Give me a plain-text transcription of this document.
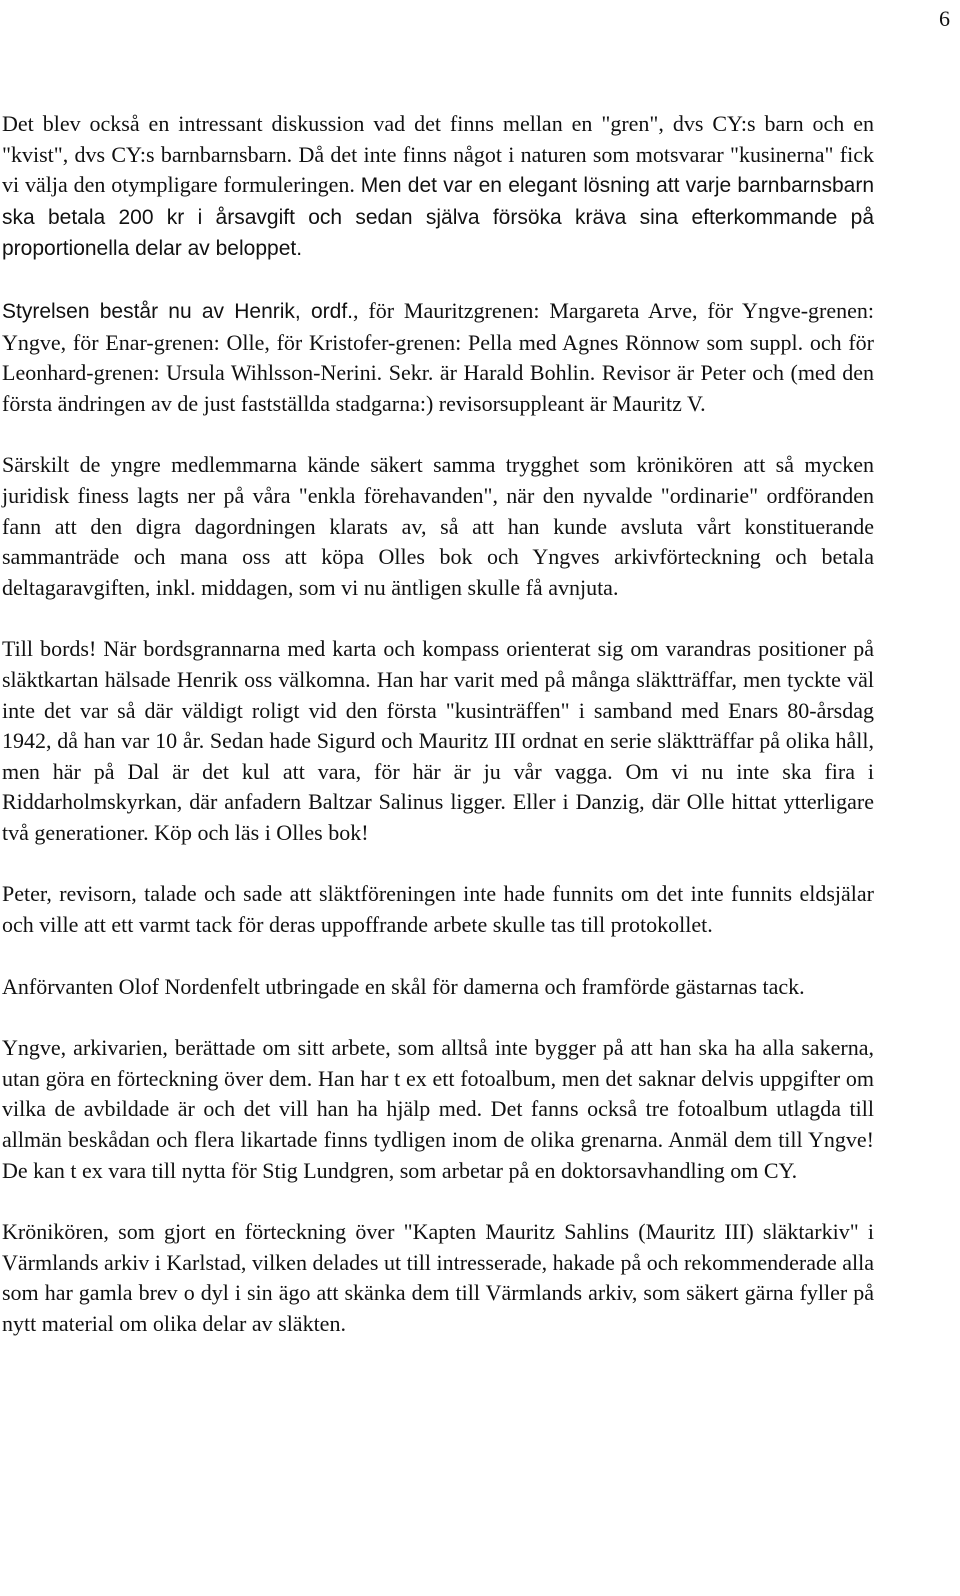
6

Det blev också en intressant diskussion vad det finns mellan en "gren", dvs CY:s barn och en "kvist", dvs CY:s barnbarnsbarn. Då det inte finns något i naturen som motsvarar "kusinerna" fick vi välja den otympligare formuleringen. Men det var en elegant lösning att varje barnbarnsbarn ska betala 200 kr i årsavgift och sedan själva försöka kräva sina efterkommande på proportionella delar av beloppet.

Styrelsen består nu av Henrik, ordf., för Mauritzgrenen: Margareta Arve, för Yngve-grenen: Yngve, för Enar-grenen: Olle, för Kristofer-grenen: Pella med Agnes Rönnow som suppl. och för Leonhard-grenen: Ursula Wihlsson-Nerini. Sekr. är Harald Bohlin. Revisor är Peter och (med den första ändringen av de just fastställda stadgarna:) revisorsuppleant är Mauritz V.

Särskilt de yngre medlemmarna kände säkert samma trygghet som krönikören att så mycken juridisk finess lagts ner på våra "enkla förehavanden", när den nyvalde "ordinarie" ordföranden fann att den digra dagordningen klarats av, så att han kunde avsluta vårt konstituerande sammanträde och mana oss att köpa Olles bok och Yngves arkivförteckning och betala deltagaravgiften, inkl. middagen, som vi nu äntligen skulle få avnjuta.

Till bords! När bordsgrannarna med karta och kompass orienterat sig om varandras positioner på släktkartan hälsade Henrik oss välkomna. Han har varit med på många släktträffar, men tyckte väl inte det var så där väldigt roligt vid den första "kusinträffen" i samband med Enars 80-årsdag 1942, då han var 10 år. Sedan hade Sigurd och Mauritz III ordnat en serie släktträffar på olika håll, men här på Dal är det kul att vara, för här är ju vår vagga. Om vi nu inte ska fira i Riddarholmskyrkan, där anfadern Baltzar Salinus ligger. Eller i Danzig, där Olle hittat ytterligare två generationer. Köp och läs i Olles bok!

Peter, revisorn, talade och sade att släktföreningen inte hade funnits om det inte funnits eldsjälar och ville att ett varmt tack för deras uppoffrande arbete skulle tas till protokollet.

Anförvanten Olof Nordenfelt utbringade en skål för damerna och framförde gästarnas tack.

Yngve, arkivarien, berättade om sitt arbete, som alltså inte bygger på att han ska ha alla sakerna, utan göra en förteckning över dem. Han har t ex ett fotoalbum, men det saknar delvis uppgifter om vilka de avbildade är och det vill han ha hjälp med. Det fanns också tre fotoalbum utlagda till allmän beskådan och flera likartade finns tydligen inom de olika grenarna. Anmäl dem till Yngve! De kan t ex vara till nytta för Stig Lundgren, som arbetar på en doktorsavhandling om CY.

Krönikören, som gjort en förteckning över "Kapten Mauritz Sahlins (Mauritz III) släktarkiv" i Värmlands arkiv i Karlstad, vilken delades ut till intresserade, hakade på och rekommenderade alla som har gamla brev o dyl i sin ägo att skänka dem till Värmlands arkiv, som säkert gärna fyller på nytt material om olika delar av släkten.
